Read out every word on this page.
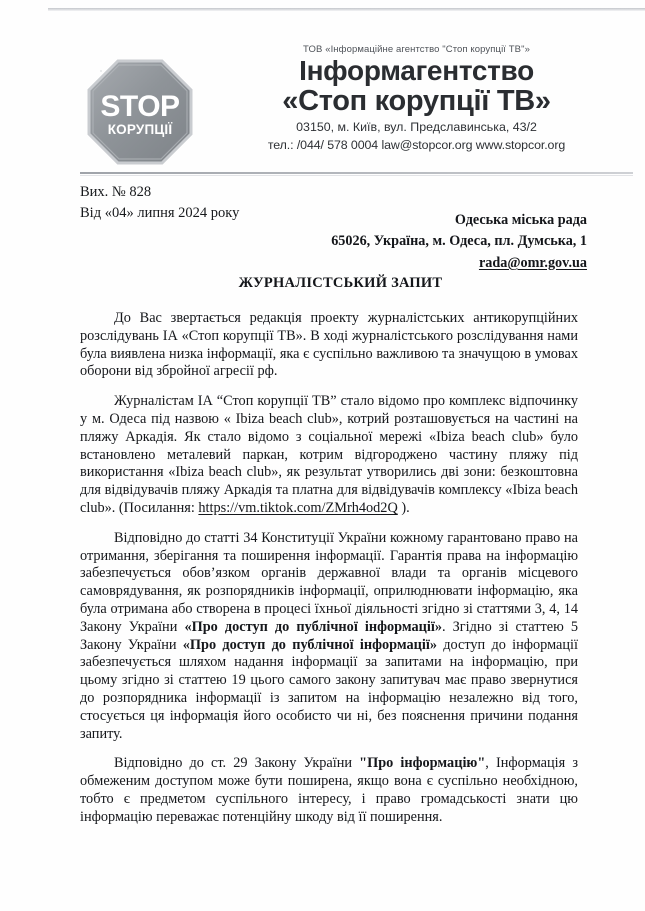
STOP
КОРУПЦІЇ
ТОВ «Інформаційне агентство "Стоп корупції ТВ"»
Інформагентство
«Стоп корупції ТВ»
03150, м. Київ, вул. Предславинська, 43/2
тел.: /044/ 578 0004 law@stopcor.org www.stopcor.org
Вих. № 828
Від «04» липня 2024 року	Одеська міська рада
65026, Україна, м. Одеса, пл. Думська, 1
rada@omr.gov.ua
ЖУРНАЛІСТСЬКИЙ ЗАПИТ

До Вас звертається редакція проекту журналістських антикорупційних розслідувань ІА «Стоп корупції ТВ». В ході журналістського розслідування нами була виявлена низка інформації, яка є суспільно важливою та значущою в умовах оборони від збройної агресії рф.

Журналістам ІА “Стоп корупції ТВ” стало відомо про комплекс відпочинку у м. Одеса під назвою « Ibiza beach club», котрий розташовується на частині на пляжу Аркадія. Як стало відомо з соціальної мережі «Ibiza beach club» було встановлено металевий паркан, котрим відгороджено частину пляжу під використання «Ibiza beach club», як результат утворились дві зони: безкоштовна для відвідувачів пляжу Аркадія та платна для відвідувачів комплексу «Ibiza beach club». (Посилання: https://vm.tiktok.com/ZMrh4od2Q ).

Відповідно до статті 34 Конституції України кожному гарантовано право на отримання, зберігання та поширення інформації. Гарантія права на інформацію забезпечується обов’язком органів державної влади та органів місцевого самоврядування, як розпорядників інформації, оприлюднювати інформацію, яка була отримана або створена в процесі їхньої діяльності згідно зі статтями 3, 4, 14 Закону України «Про доступ до публічної інформації». Згідно зі статтею 5 Закону України «Про доступ до публічної інформації» доступ до інформації забезпечується шляхом надання інформації за запитами на інформацію, при цьому згідно зі статтею 19 цього самого закону запитувач має право звернутися до розпорядника інформації із запитом на інформацію незалежно від того, стосується ця інформація його особисто чи ні, без пояснення причини подання запиту.

Відповідно до ст. 29 Закону України "Про інформацію", Інформація з обмеженим доступом може бути поширена, якщо вона є суспільно необхідною, тобто є предметом суспільного інтересу, і право громадськості знати цю інформацію переважає потенційну шкоду від її поширення.
